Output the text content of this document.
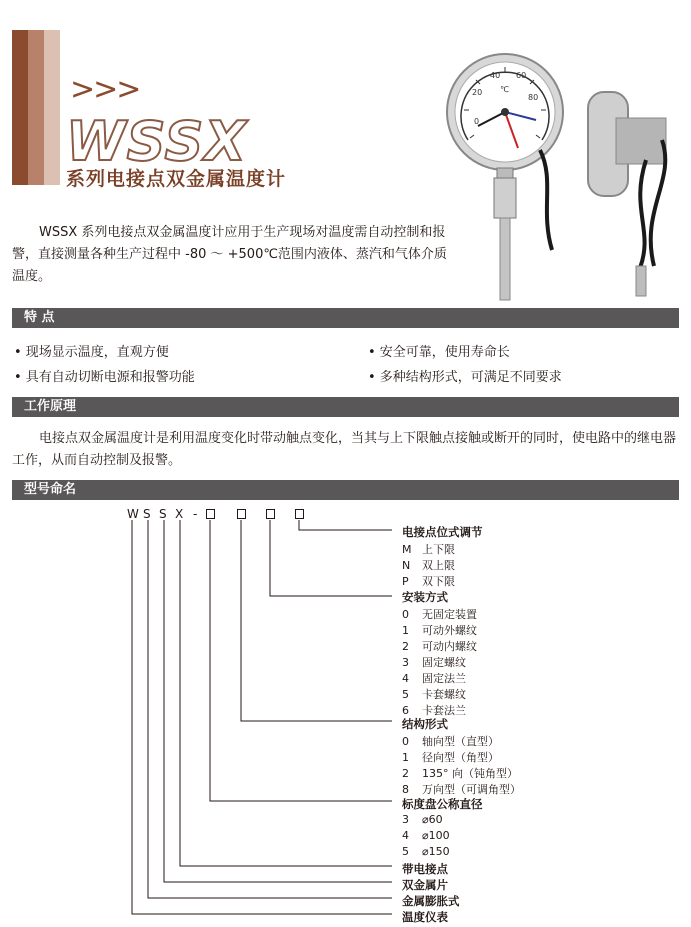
>>>
WSSX
系列电接点双金属温度计
0
20
40 60
80
℃
WSSX 系列电接点双金属温度计应用于生产现场对温度需自动控制和报警，直接测量各种生产过程中 -80 ～ +500℃范围内液体、蒸汽和气体介质温度。
特 点
• 现场显示温度，直观方便	• 安全可靠，使用寿命长
• 具有自动切断电源和报警功能	• 多种结构形式，可满足不同要求
工作原理
电接点双金属温度计是利用温度变化时带动触点变化，当其与上下限触点接触或断开的同时，使电路中的继电器工作，从而自动控制及报警。
型号命名
W S S X -
电接点位式调节
M 上下限
N 双上限
P 双下限
安装方式
0 无固定装置
1 可动外螺纹
2 可动内螺纹
3 固定螺纹
4 固定法兰
5 卡套螺纹
6 卡套法兰
结构形式
0 轴向型（直型）
1 径向型（角型）
2 135° 向（钝角型）
8 万向型（可调角型）
标度盘公称直径
3 ⌀60
4 ⌀100
5 ⌀150
带电接点
双金属片
金属膨胀式
温度仪表
